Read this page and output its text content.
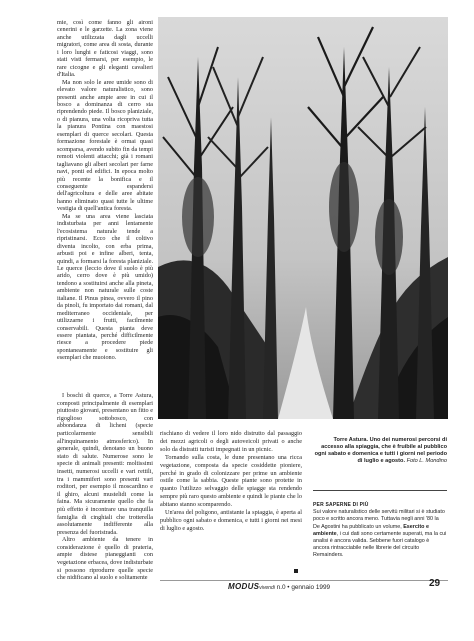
mie, così come fanno gli aironi cenerini e le garzette. La zona viene anche utilizzata dagli uccelli migratori, come area di sosta, durante i loro lunghi e faticosi viaggi, sono stati visti fermarsi, per esempio, le rare cicogne e gli eleganti cavalieri d'Italia.

Ma non solo le aree umide sono di elevato valore naturalistico, sono presenti anche ampie aree in cui il bosco a dominanza di cerro sta riprendendo piede. Il bosco planiziale, o di pianura, una volta ricopriva tutta la pianura Pontina con maestosi esemplari di querce secolari. Questa formazione forestale è ormai quasi scomparsa, avendo subito fin da tempi remoti violenti attacchi; già i romani tagliavano gli alberi secolari per farne navi, ponti ed edifici. In epoca molto più recente la bonifica e il conseguente espandersi dell'agricoltura e delle aree abitate hanno eliminato quasi tutte le ultime vestigia di quell'antica foresta.

Ma se una area viene lasciata indisturbata per anni lentamente l'ecosistema naturale tende a ripristinarsi. Ecco che il coltivo diventa incolto, con erba prima, arbusti poi e infine alberi, tenta, quindi, a formarsi la foresta planiziale. Le querce (leccio dove il suolo è più arido, cerro dove è più umido) tendono a sostituirsi anche alla pineta, ambiente non naturale sulle coste italiane. Il Pinus pinea, ovvero il pino da pinoli, fu importato dai romani, dal mediterraneo occidentale, per utilizzarne i frutti, facilmente conservabili. Questa pianta deve essere piantata, perché difficilmente riesce a procedere piede spontaneamente e sostituire gli esemplari che muoiono.

I boschi di querce, a Torre Astura, composti principalmente di esemplari piuttosto giovani, presentano un fitto e rigoglioso sottobosco, con abbondanza di licheni (specie particolarmente sensibili all'inquinamento atmosferico). In generale, quindi, denotano un buono stato di salute. Numerose sono le specie di animali presenti: moltissimi insetti, numerosi uccelli e vari rettili, tra i mammiferi sono presenti vari roditori, per esempio il moscardino e il ghiro, alcuni mustelidi come la faina. Ma sicuramente quello che fa più effetto è incontrare una tranquilla famiglia di cinghiali che trotterella assolutamente indifferente alla presenza del fuoristrada.

Altro ambiente da tenere in considerazione è quello di prateria, ampie distese pianeggianti con vegetazione erbacea, dove indisturbate si possono riprodurre quelle specie che nidificano al suolo e solitamente

rischiano di vedere il loro nido distrutto dal passaggio dei mezzi agricoli o degli autoveicoli privati o anche solo da distratti turisti impegnati in un picnic.

Tornando sulla costa, le dune presentano una ricca vegetazione, composta da specie cosiddette pioniere, perché in grado di colonizzare per prime un ambiente ostile come la sabbia. Queste piante sono protette in quanto l'utilizzo selvaggio delle spiagge sta rendendo sempre più raro questo ambiente e quindi le piante che lo abitano stanno scomparendo.

Un'area del poligono, antistante la spiaggia, è aperta al pubblico ogni sabato e domenica, e tutti i giorni nei mesi di luglio e agosto.

Torre Astura. Uno dei numerosi percorsi di accesso alla spiaggia, che è fruibile al pubblico ogni sabato e domenica e tutti i giorni nel periodo di luglio e agosto. Foto L. Mondino
PER SAPERNE DI PIÙ
Sui valore naturalistico delle servitù militari si è studiato poco e scritto ancora meno. Tuttavia negli anni '80 la De Agostini ha pubblicato un volume, Esercito e ambiente, i cui dati sono certamente superati, ma la cui analisi è ancora valida. Sebbene fuori catalogo è ancora rintracciabile nelle librerie del circuito Remainders.
MODUSvivendi n.0 • gennaio 1999	29
